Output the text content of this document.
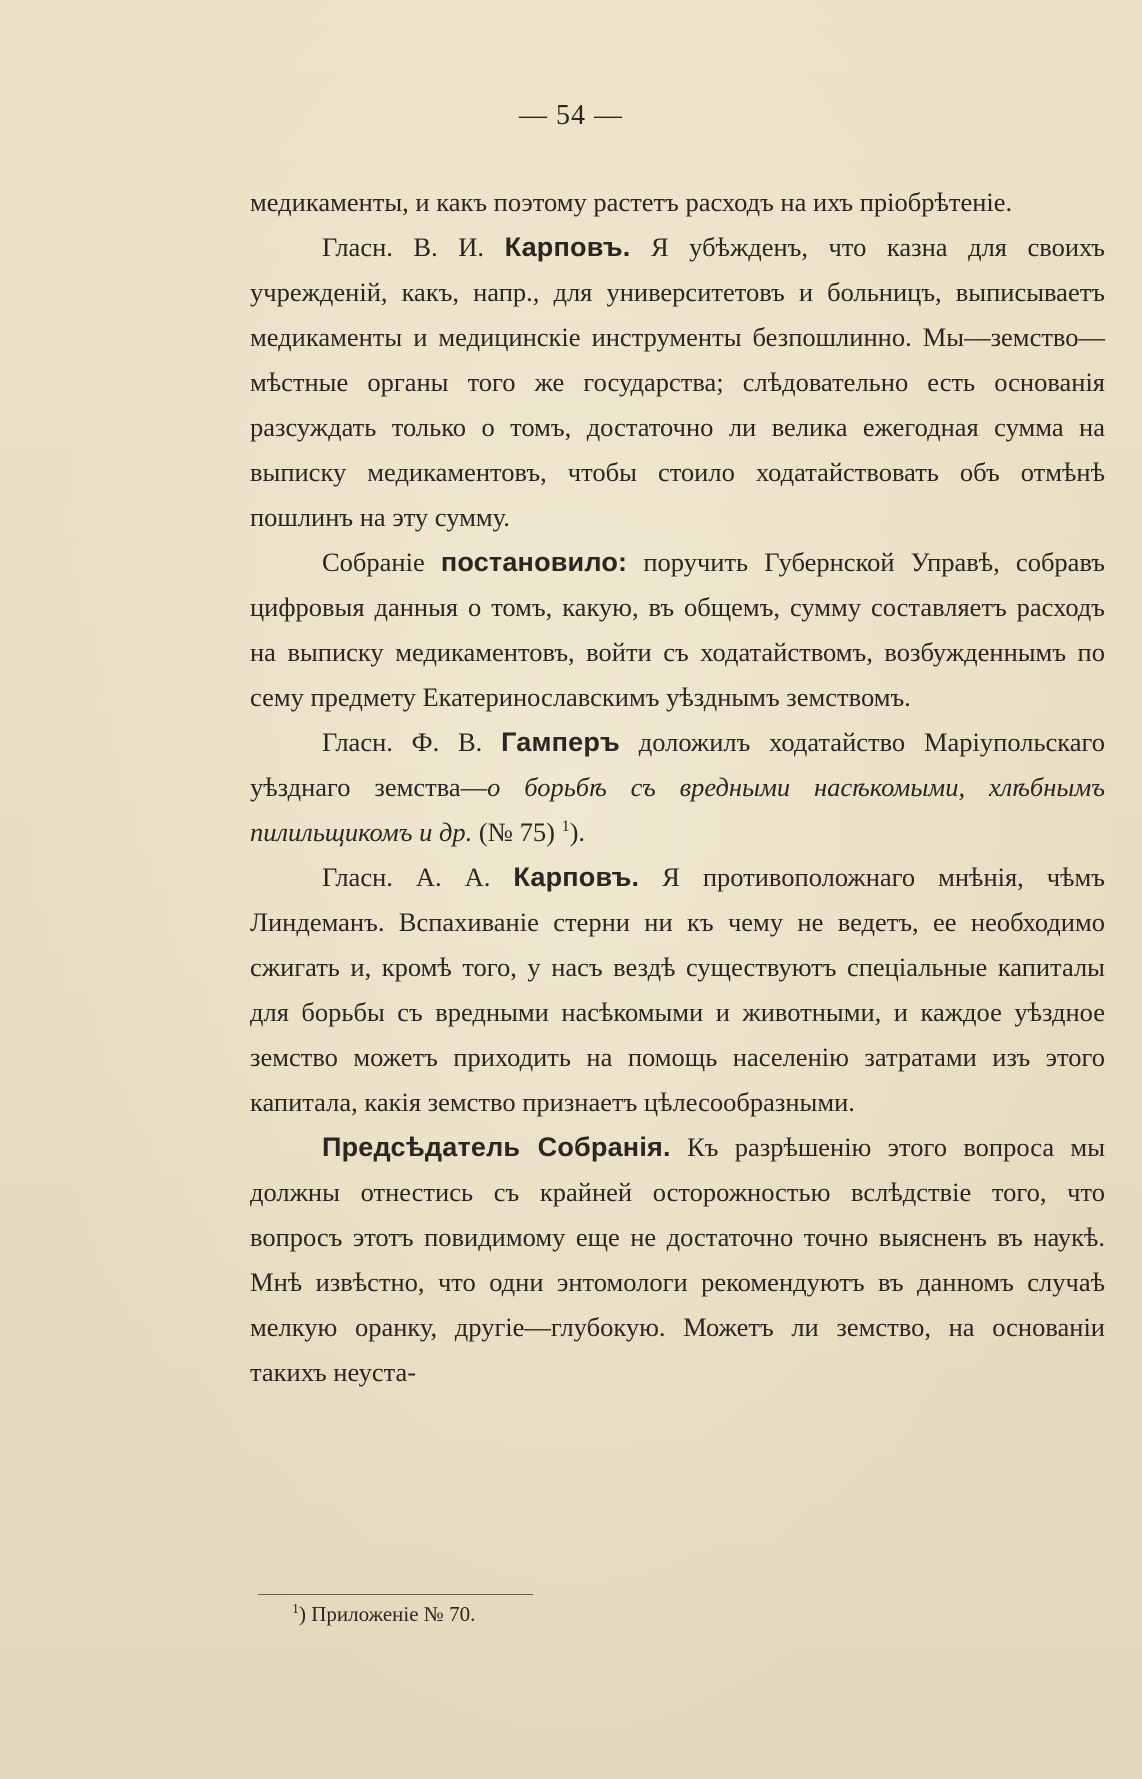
— 54 —

медикаменты, и какъ поэтому растетъ расходъ на ихъ пріобрѣтеніе.

Гласн. В. И. Карповъ. Я убѣжденъ, что казна для своихъ учрежденій, какъ, напр., для университетовъ и больницъ, выписываетъ медикаменты и медицинскіе инструменты безпошлинно. Мы—земство—мѣстные органы того же государства; слѣдовательно есть основанія разсуждать только о томъ, достаточно ли велика ежегодная сумма на выписку медикаментовъ, чтобы стоило ходатайствовать объ отмѣнѣ пошлинъ на эту сумму.

Собраніе постановило: поручить Губернской Управѣ, собравъ цифровыя данныя о томъ, какую, въ общемъ, сумму составляетъ расходъ на выписку медикаментовъ, войти съ ходатайствомъ, возбужденнымъ по сему предмету Екатеринославскимъ уѣзднымъ земствомъ.

Гласн. Ф. В. Гамперъ доложилъ ходатайство Маріупольскаго уѣзднаго земства—о борьбѣ съ вредными насѣкомыми, хлѣбнымъ пилильщикомъ и др. (№ 75) $^1$).

Гласн. А. А. Карповъ. Я противоположнаго мнѣнія, чѣмъ Линдеманъ. Вспахиваніе стерни ни къ чему не ведетъ, ее необходимо сжигать и, кромѣ того, у насъ вездѣ существуютъ спеціальные капиталы для борьбы съ вредными насѣкомыми и животными, и каждое уѣздное земство можетъ приходить на помощь населенію затратами изъ этого капитала, какія земство признаетъ цѣлесообразными.

Предсѣдатель Собранія. Къ разрѣшенію этого вопроса мы должны отнестись съ крайней осторожностью вслѣдствіе того, что вопросъ этотъ повидимому еще не достаточно точно выясненъ въ наукѣ. Мнѣ извѣстно, что одни энтомологи рекомендуютъ въ данномъ случаѣ мелкую оранку, другіе—глубокую. Можетъ ли земство, на основаніи такихъ неуста-

$^1$) Приложеніе № 70.
